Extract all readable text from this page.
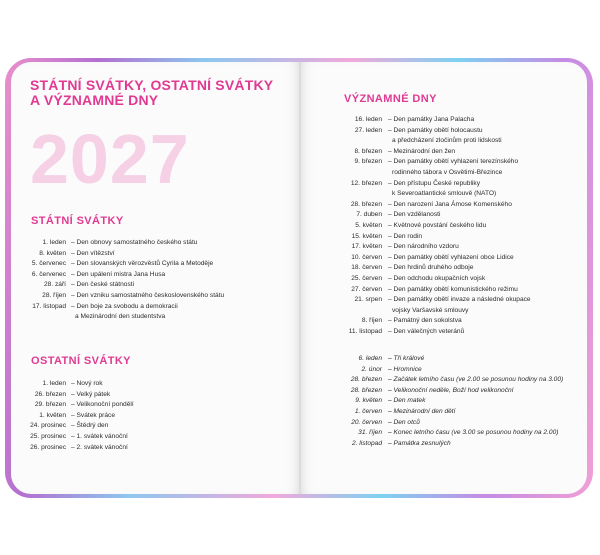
STÁTNÍ SVÁTKY, OSTATNÍ SVÁTKY
A VÝZNAMNÉ DNY
2027
STÁTNÍ SVÁTKY
1. leden – Den obnovy samostatného českého státu
8. květen – Den vítězství
5. červenec – Den slovanských věrozvěstů Cyrila a Metoděje
6. červenec – Den upálení mistra Jana Husa
28. září – Den české státnosti
28. říjen – Den vzniku samostatného československého státu
17. listopad – Den boje za svobodu a demokracii
a Mezinárodní den studentstva
OSTATNÍ SVÁTKY
1. leden – Nový rok
26. březen – Velký pátek
29. březen – Velikonoční pondělí
1. květen – Svátek práce
24. prosinec – Štědrý den
25. prosinec – 1. svátek vánoční
26. prosinec – 2. svátek vánoční
VÝZNAMNÉ DNY
16. leden – Den památky Jana Palacha
27. leden – Den památky obětí holocaustu
a předcházení zločinům proti lidskosti
8. březen – Mezinárodní den žen
9. březen – Den památky obětí vyhlazení terezínského
rodinného tábora v Osvětimi-Březince
12. březen – Den přístupu České republiky
k Severoatlantické smlouvě (NATO)
28. březen – Den narození Jana Ámose Komenského
7. duben – Den vzdělanosti
5. květen – Květnové povstání českého lidu
15. květen – Den rodin
17. květen – Den národního vzdoru
10. červen – Den památky obětí vyhlazení obce Lidice
18. červen – Den hrdinů druhého odboje
25. červen – Den odchodu okupačních vojsk
27. červen – Den památky obětí komunistického režimu
21. srpen – Den památky obětí invaze a následné okupace
vojsky Varšavské smlouvy
8. říjen – Památný den sokolstva
11. listopad – Den válečných veteránů
6. leden – Tři králové
2. únor – Hromnice
28. březen – Začátek letního času (ve 2.00 se posunou hodiny na 3.00)
28. březen – Velikonoční neděle, Boží hod velikonoční
9. květen – Den matek
1. červen – Mezinárodní den dětí
20. červen – Den otců
31. říjen – Konec letního času (ve 3.00 se posunou hodiny na 2.00)
2. listopad – Památka zesnulých
